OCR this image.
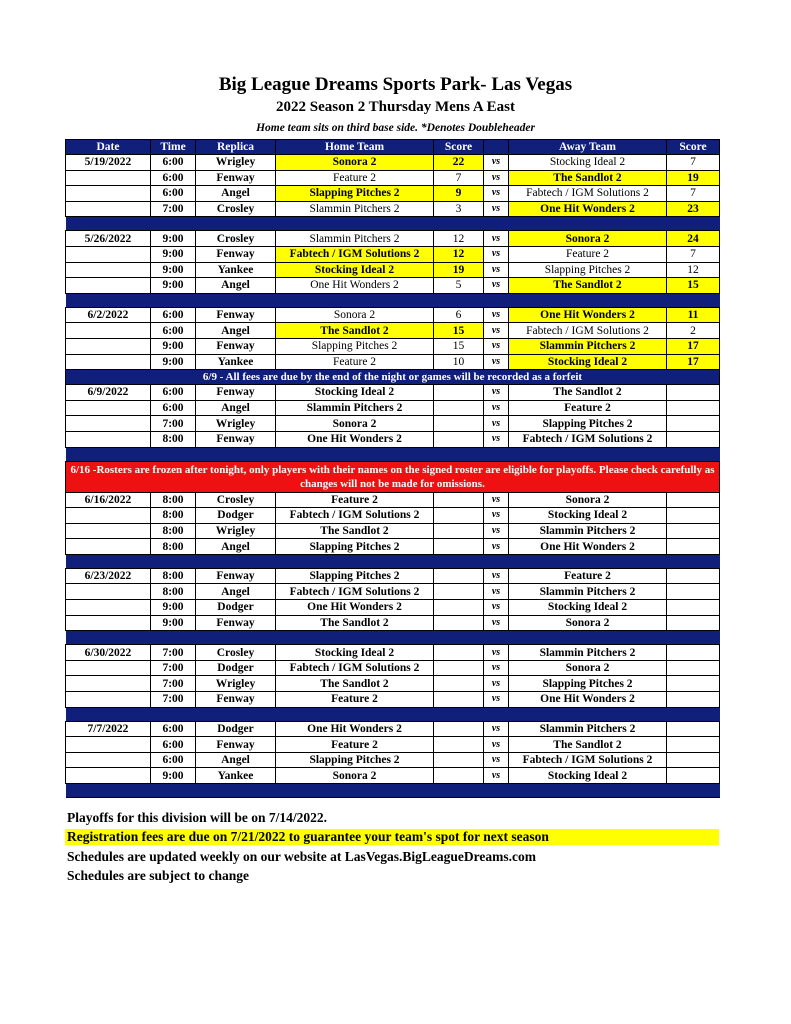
Big League Dreams Sports Park- Las Vegas
2022 Season 2 Thursday Mens A East
Home team sits on third base side. *Denotes Doubleheader
Date	Time	Replica	Home Team	Score		Away Team	Score
5/19/2022	6:00	Wrigley	Sonora 2	22	vs	Stocking Ideal 2	7
	6:00	Fenway	Feature 2	7	vs	The Sandlot 2	19
	6:00	Angel	Slapping Pitches 2	9	vs	Fabtech / IGM Solutions 2	7
	7:00	Crosley	Slammin Pitchers 2	3	vs	One Hit Wonders 2	23

5/26/2022	9:00	Crosley	Slammin Pitchers 2	12	vs	Sonora 2	24
	9:00	Fenway	Fabtech / IGM Solutions 2	12	vs	Feature 2	7
	9:00	Yankee	Stocking Ideal 2	19	vs	Slapping Pitches 2	12
	9:00	Angel	One Hit Wonders 2	5	vs	The Sandlot 2	15

6/2/2022	6:00	Fenway	Sonora 2	6	vs	One Hit Wonders 2	11
	6:00	Angel	The Sandlot 2	15	vs	Fabtech / IGM Solutions 2	2
	9:00	Fenway	Slapping Pitches 2	15	vs	Slammin Pitchers 2	17
	9:00	Yankee	Feature 2	10	vs	Stocking Ideal 2	17
6/9 - All fees are due by the end of the night or games will be recorded as a forfeit							
6/9/2022	6:00	Fenway	Stocking Ideal 2		vs	The Sandlot 2	
	6:00	Angel	Slammin Pitchers 2		vs	Feature 2	
	7:00	Wrigley	Sonora 2		vs	Slapping Pitches 2	
	8:00	Fenway	One Hit Wonders 2		vs	Fabtech / IGM Solutions 2	

6/16 -Rosters are frozen after tonight, only players with their names on the signed roster are eligible for playoffs. Please check carefully as changes will not be made for omissions.							
6/16/2022	8:00	Crosley	Feature 2		vs	Sonora 2	
	8:00	Dodger	Fabtech / IGM Solutions 2		vs	Stocking Ideal 2	
	8:00	Wrigley	The Sandlot 2		vs	Slammin Pitchers 2	
	8:00	Angel	Slapping Pitches 2		vs	One Hit Wonders 2	

6/23/2022	8:00	Fenway	Slapping Pitches 2		vs	Feature 2	
	8:00	Angel	Fabtech / IGM Solutions 2		vs	Slammin Pitchers 2	
	9:00	Dodger	One Hit Wonders 2		vs	Stocking Ideal 2	
	9:00	Fenway	The Sandlot 2		vs	Sonora 2	

6/30/2022	7:00	Crosley	Stocking Ideal 2		vs	Slammin Pitchers 2	
	7:00	Dodger	Fabtech / IGM Solutions 2		vs	Sonora 2	
	7:00	Wrigley	The Sandlot 2		vs	Slapping Pitches 2	
	7:00	Fenway	Feature 2		vs	One Hit Wonders 2	

7/7/2022	6:00	Dodger	One Hit Wonders 2		vs	Slammin Pitchers 2	
	6:00	Fenway	Feature 2		vs	The Sandlot 2	
	6:00	Angel	Slapping Pitches 2		vs	Fabtech / IGM Solutions 2	
	9:00	Yankee	Sonora 2		vs	Stocking Ideal 2	

Playoffs for this division will be on 7/14/2022.
Registration fees are due on 7/21/2022 to guarantee your team's spot for next season
Schedules are updated weekly on our website at LasVegas.BigLeagueDreams.com
Schedules are subject to change
